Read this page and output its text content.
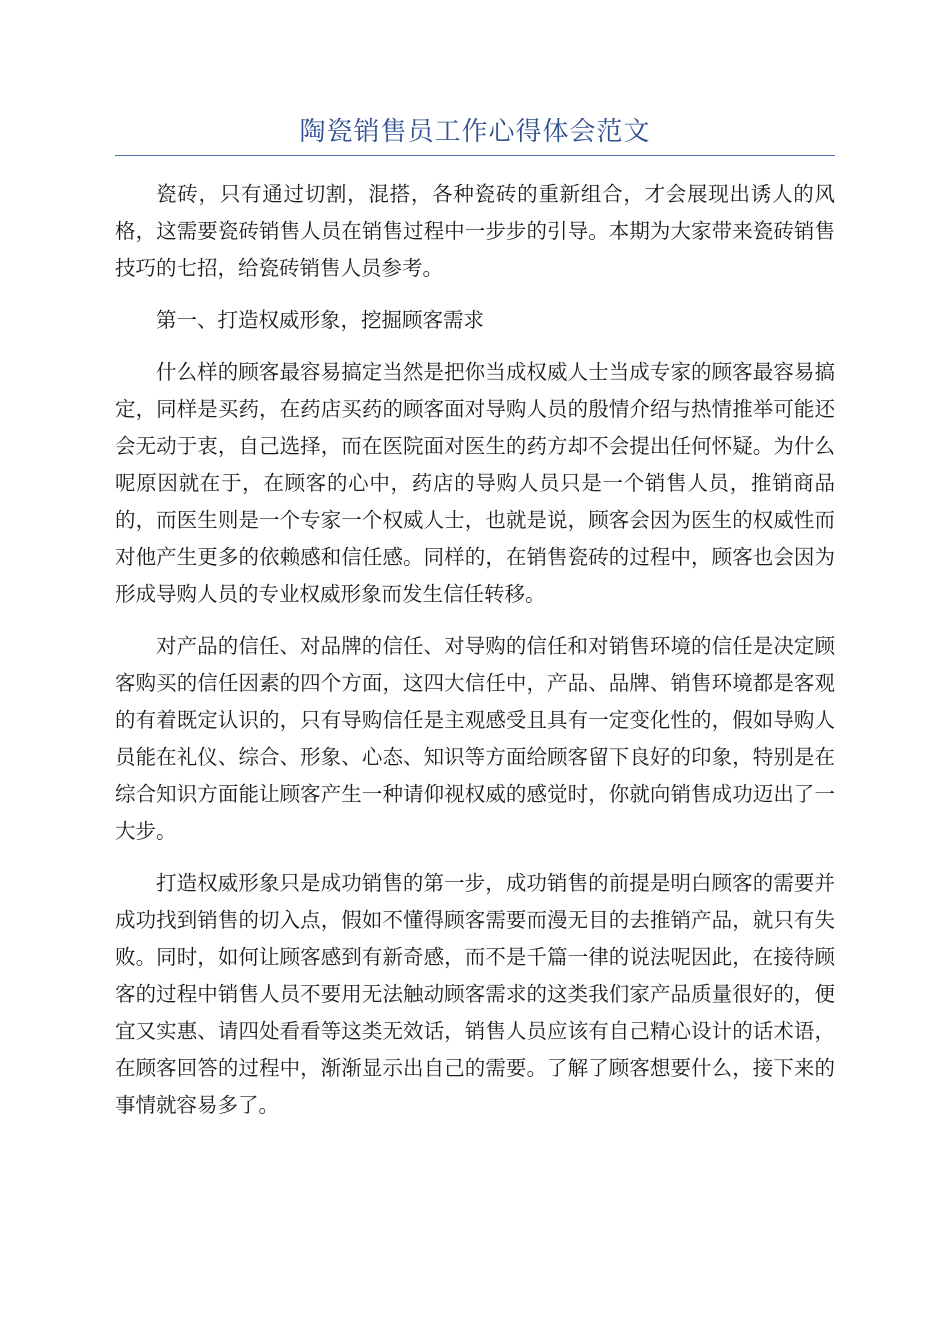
陶瓷销售员工作心得体会范文

瓷砖，只有通过切割，混搭，各种瓷砖的重新组合，才会展现出诱人的风格，这需要瓷砖销售人员在销售过程中一步步的引导。本期为大家带来瓷砖销售技巧的七招，给瓷砖销售人员参考。

第一、打造权威形象，挖掘顾客需求

什么样的顾客最容易搞定当然是把你当成权威人士当成专家的顾客最容易搞定，同样是买药，在药店买药的顾客面对导购人员的殷情介绍与热情推举可能还会无动于衷，自己选择，而在医院面对医生的药方却不会提出任何怀疑。为什么呢原因就在于，在顾客的心中，药店的导购人员只是一个销售人员，推销商品的，而医生则是一个专家一个权威人士，也就是说，顾客会因为医生的权威性而对他产生更多的依赖感和信任感。同样的，在销售瓷砖的过程中，顾客也会因为形成导购人员的专业权威形象而发生信任转移。

对产品的信任、对品牌的信任、对导购的信任和对销售环境的信任是决定顾客购买的信任因素的四个方面，这四大信任中，产品、品牌、销售环境都是客观的有着既定认识的，只有导购信任是主观感受且具有一定变化性的，假如导购人员能在礼仪、综合、形象、心态、知识等方面给顾客留下良好的印象，特别是在综合知识方面能让顾客产生一种请仰视权威的感觉时，你就向销售成功迈出了一大步。

打造权威形象只是成功销售的第一步，成功销售的前提是明白顾客的需要并成功找到销售的切入点，假如不懂得顾客需要而漫无目的去推销产品，就只有失败。同时，如何让顾客感到有新奇感，而不是千篇一律的说法呢因此，在接待顾客的过程中销售人员不要用无法触动顾客需求的这类我们家产品质量很好的，便宜又实惠、请四处看看等这类无效话，销售人员应该有自己精心设计的话术语，在顾客回答的过程中，渐渐显示出自己的需要。了解了顾客想要什么，接下来的事情就容易多了。
